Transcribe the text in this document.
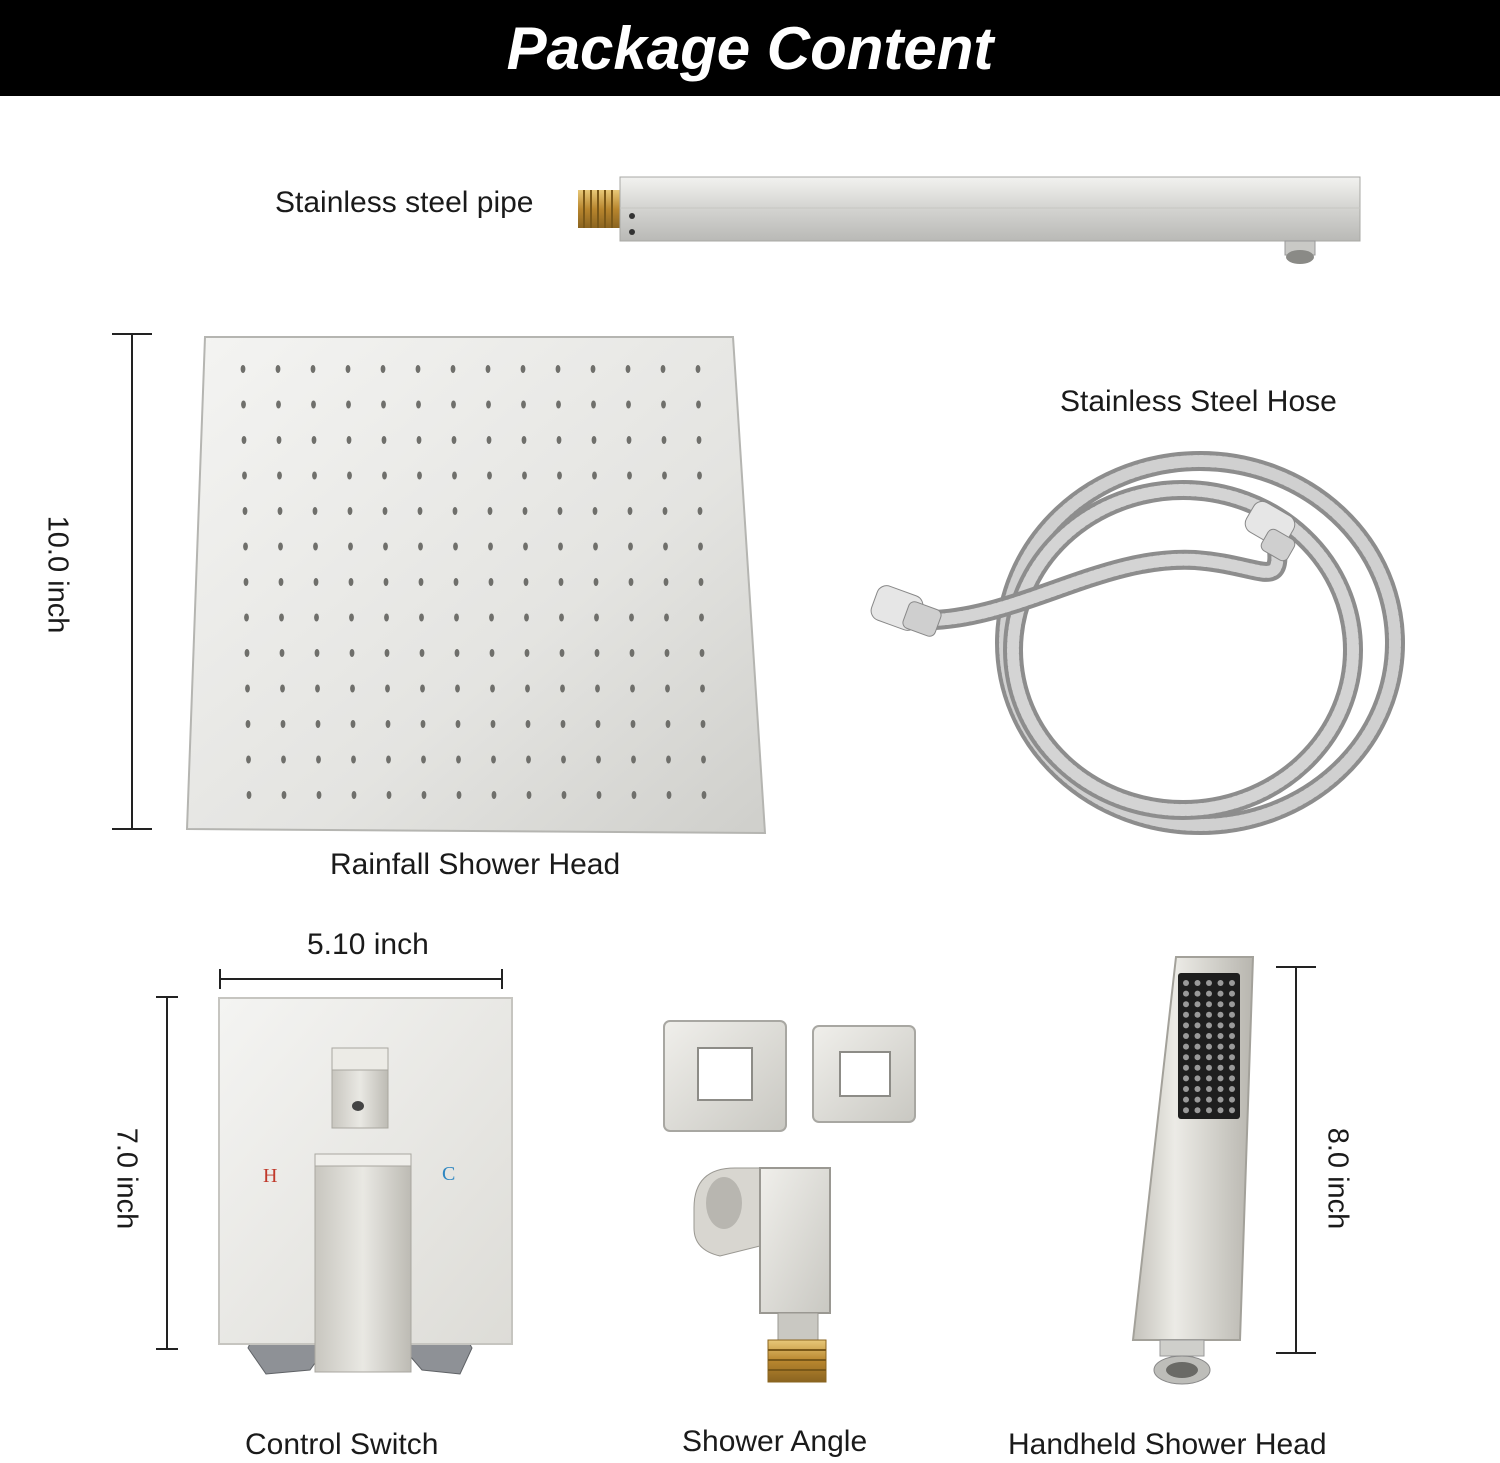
Package Content
Stainless steel pipe
10.0 inch
Rainfall Shower Head
Stainless Steel Hose
5.10 inch
7.0 inch	H	C
Control Switch	Shower Angle
8.0 inch
Handheld Shower Head
